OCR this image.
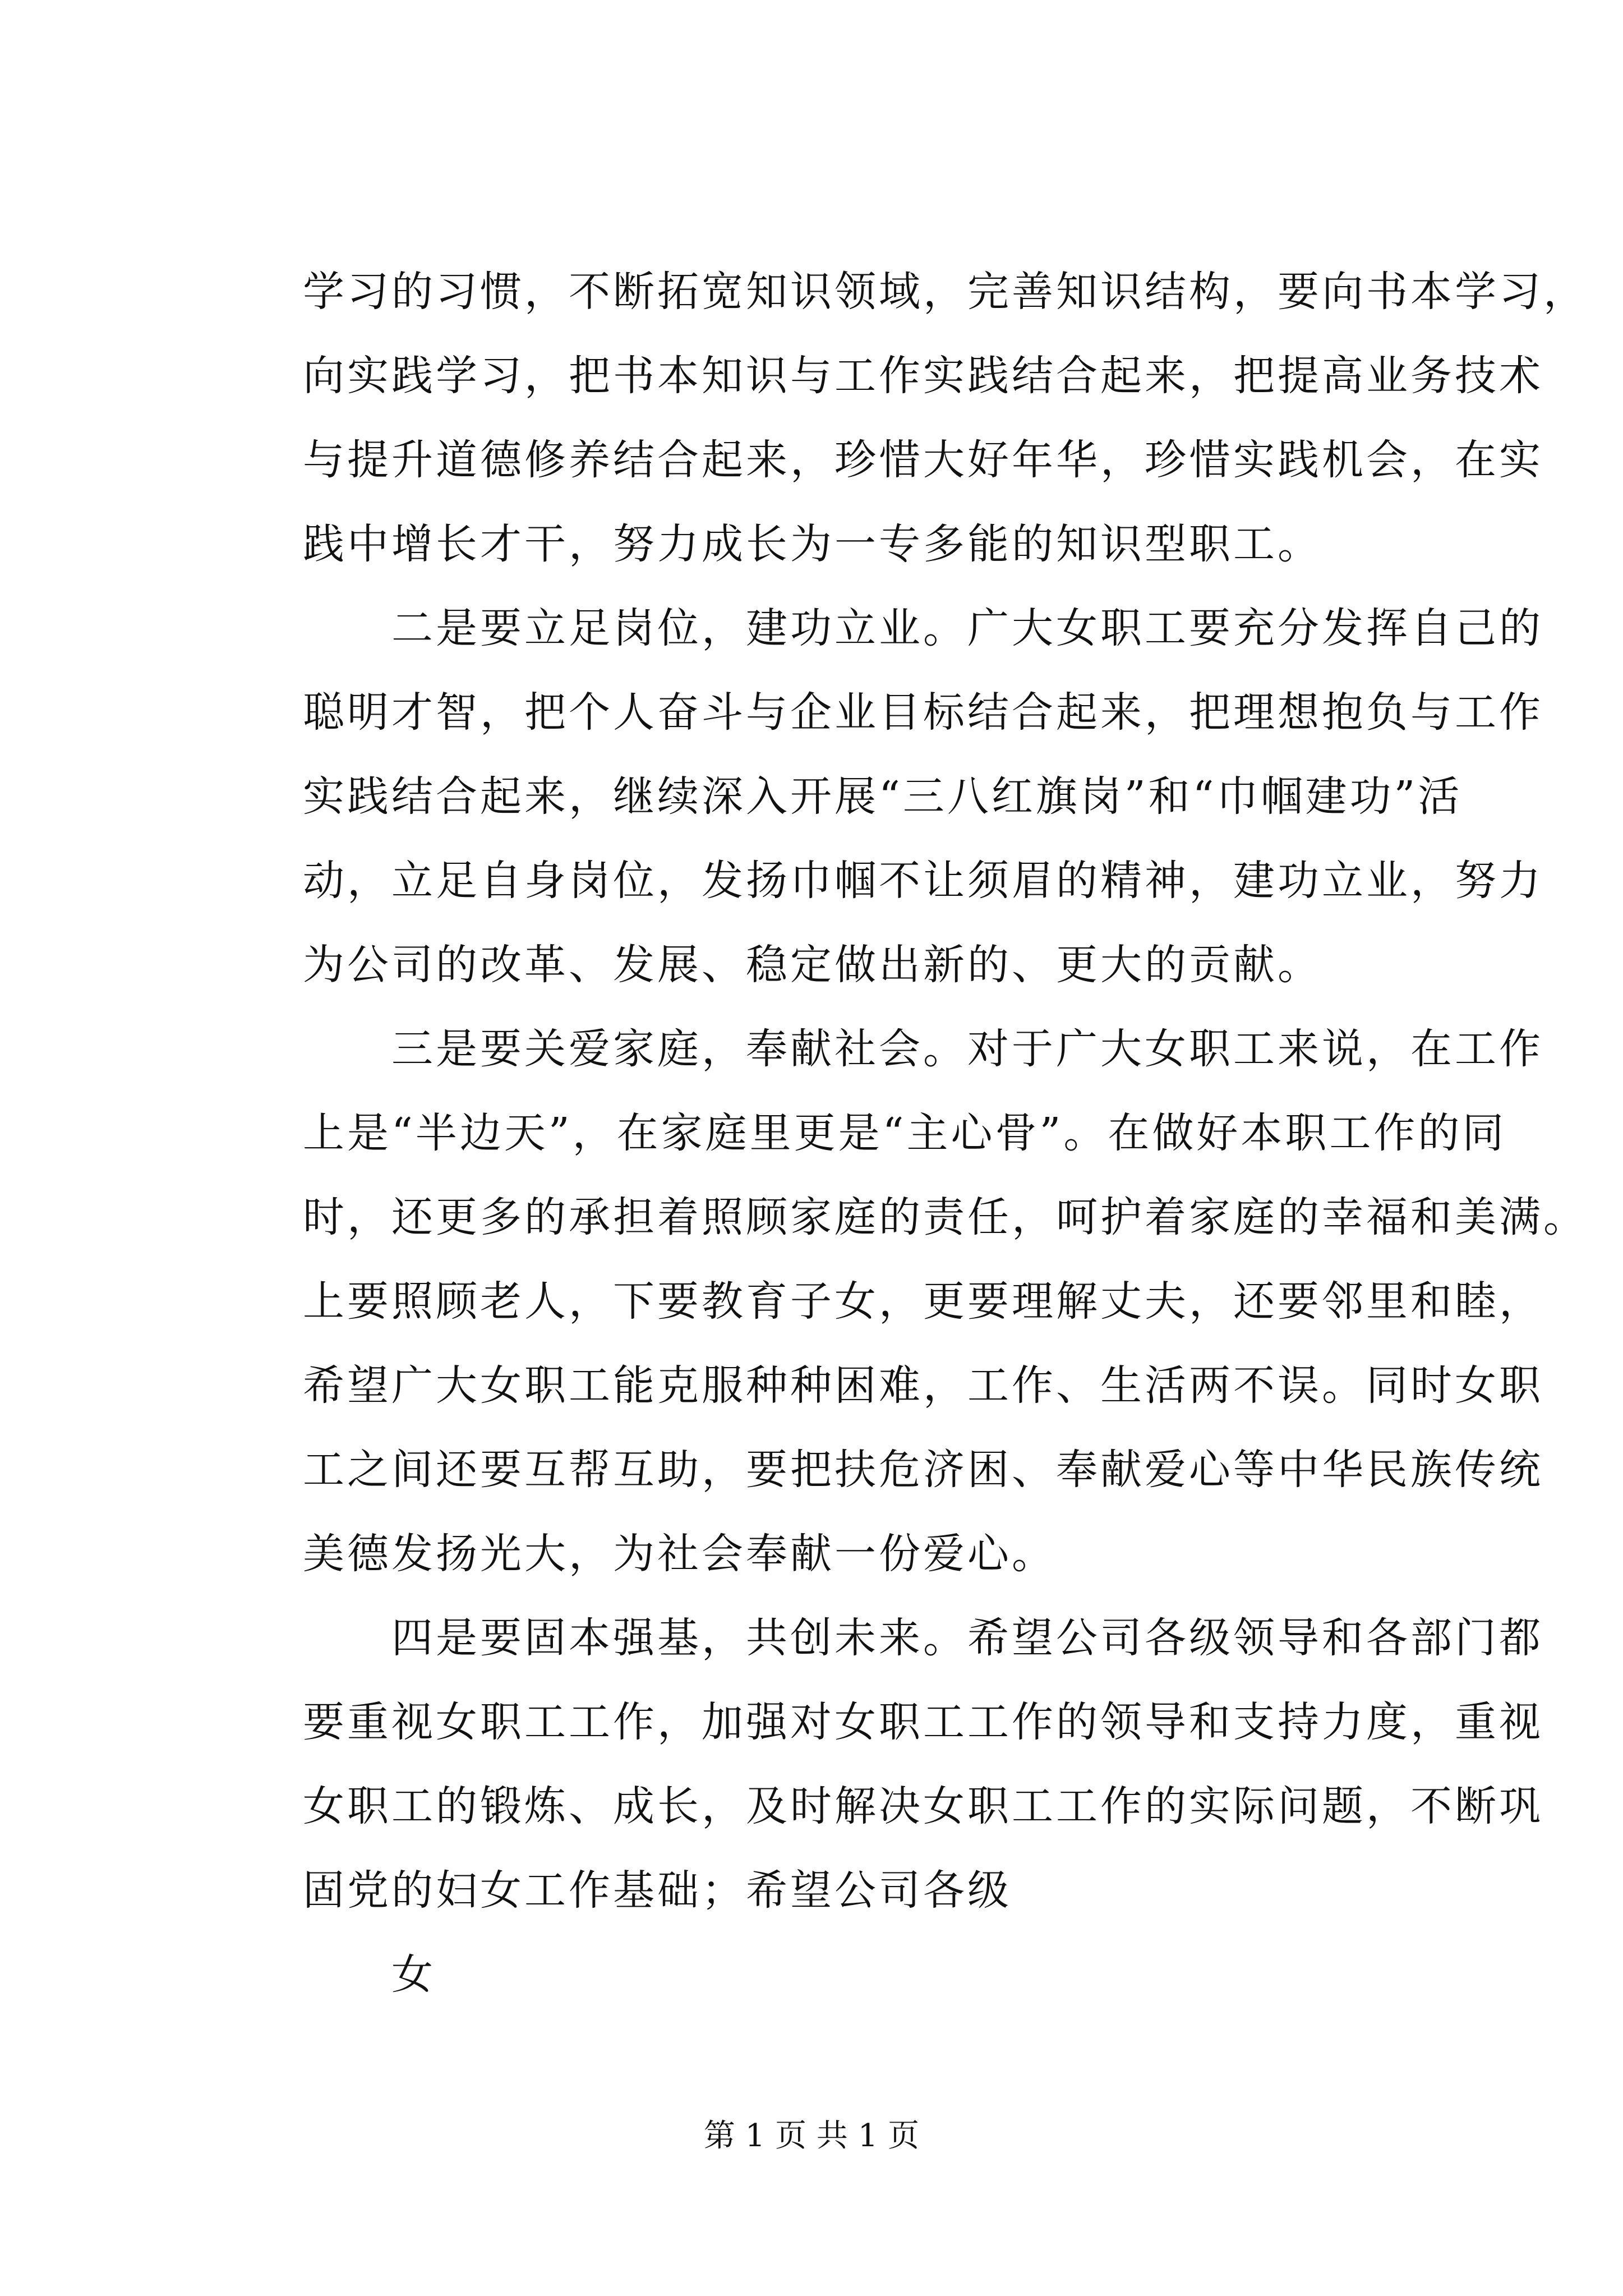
学习的习惯，不断拓宽知识领域，完善知识结构，要向书本学习，
向实践学习，把书本知识与工作实践结合起来，把提高业务技术
与提升道德修养结合起来，珍惜大好年华，珍惜实践机会，在实
践中增长才干，努力成长为一专多能的知识型职工。
　　二是要立足岗位，建功立业。广大女职工要充分发挥自己的
聪明才智，把个人奋斗与企业目标结合起来，把理想抱负与工作
实践结合起来，继续深入开展“三八红旗岗”和“巾帼建功”活
动，立足自身岗位，发扬巾帼不让须眉的精神，建功立业，努力
为公司的改革、发展、稳定做出新的、更大的贡献。
　　三是要关爱家庭，奉献社会。对于广大女职工来说，在工作
上是“半边天”，在家庭里更是“主心骨”。在做好本职工作的同
时，还更多的承担着照顾家庭的责任，呵护着家庭的幸福和美满。
上要照顾老人，下要教育子女，更要理解丈夫，还要邻里和睦，
希望广大女职工能克服种种困难，工作、生活两不误。同时女职
工之间还要互帮互助，要把扶危济困、奉献爱心等中华民族传统
美德发扬光大，为社会奉献一份爱心。
　　四是要固本强基，共创未来。希望公司各级领导和各部门都
要重视女职工工作，加强对女职工工作的领导和支持力度，重视
女职工的锻炼、成长，及时解决女职工工作的实际问题，不断巩
固党的妇女工作基础；希望公司各级
　　女
第 1 页 共 1 页
